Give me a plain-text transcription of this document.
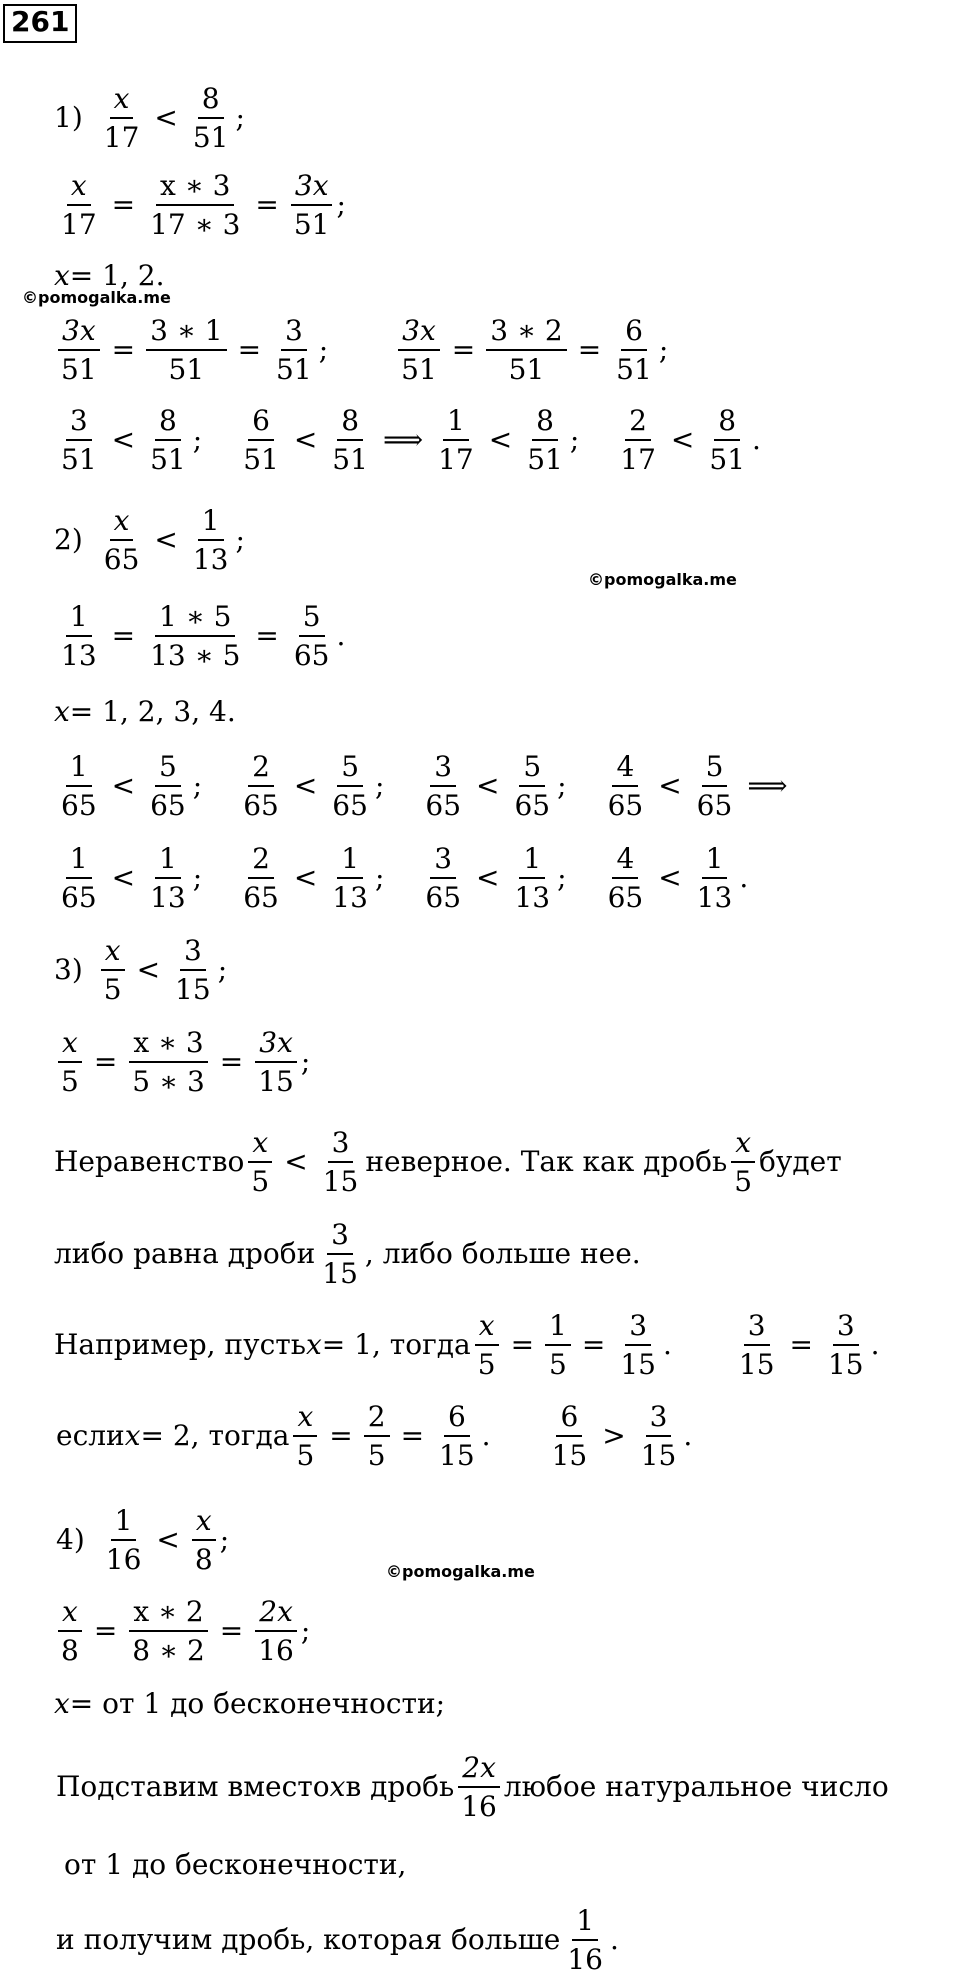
261
©pomogalka.me
©pomogalka.me
©pomogalka.me
$1) \frac{x}{17} < \frac{8}{51}$ ;
$\frac{x}{17} = \frac{x ∗ 3}{17 ∗ 3} = \frac{3x}{51}$ ;
x = 1, 2.
$\frac{3x}{51} = \frac{3 ∗ 1}{51} = \frac{3}{51}$ ; $\frac{3x}{51} = \frac{3 ∗ 2}{51} = \frac{6}{51}$ ;
$\frac{3}{51} < \frac{8}{51}$ ; $\frac{6}{51} < \frac{8}{51}$ ⟹ $\frac{1}{17} < \frac{8}{51}$ ; $\frac{2}{17} < \frac{8}{51}$ .
$2) \frac{x}{65} < \frac{1}{13}$ ;
$\frac{1}{13} = \frac{1 ∗ 5}{13 ∗ 5} = \frac{5}{65}$ .
x = 1, 2, 3, 4.
$\frac{1}{65} < \frac{5}{65}$ ; $\frac{2}{65} < \frac{5}{65}$ ; $\frac{3}{65} < \frac{5}{65}$ ; $\frac{4}{65} < \frac{5}{65}$ ⟹
$\frac{1}{65} < \frac{1}{13}$ ; $\frac{2}{65} < \frac{1}{13}$ ; $\frac{3}{65} < \frac{1}{13}$ ; $\frac{4}{65} < \frac{1}{13}$ .
$3) \frac{x}{5} < \frac{3}{15}$ ;
$\frac{x}{5} = \frac{x ∗ 3}{5 ∗ 3} = \frac{3x}{15}$ ;
Неравенство $\frac{x}{5} < \frac{3}{15}$ неверное. Так как дробь $\frac{x}{5}$ будет
либо равна дроби $\frac{3}{15}$ , либо больше нее.
Например, пусть x = 1, тогда $\frac{x}{5} = \frac{1}{5} = \frac{3}{15}$ . $\frac{3}{15} = \frac{3}{15}$ .
если x = 2, тогда $\frac{x}{5} = \frac{2}{5} = \frac{6}{15}$ . $\frac{6}{15} > \frac{3}{15}$ .
$4) \frac{1}{16} < \frac{x}{8}$ ;
$\frac{x}{8} = \frac{x ∗ 2}{8 ∗ 2} = \frac{2x}{16}$ ;
x = от 1 до бесконечности;
Подставим вместо x в дробь $\frac{2x}{16}$ любое натуральное число
от 1 до бесконечности,
и получим дробь, которая больше $\frac{1}{16}$ .
